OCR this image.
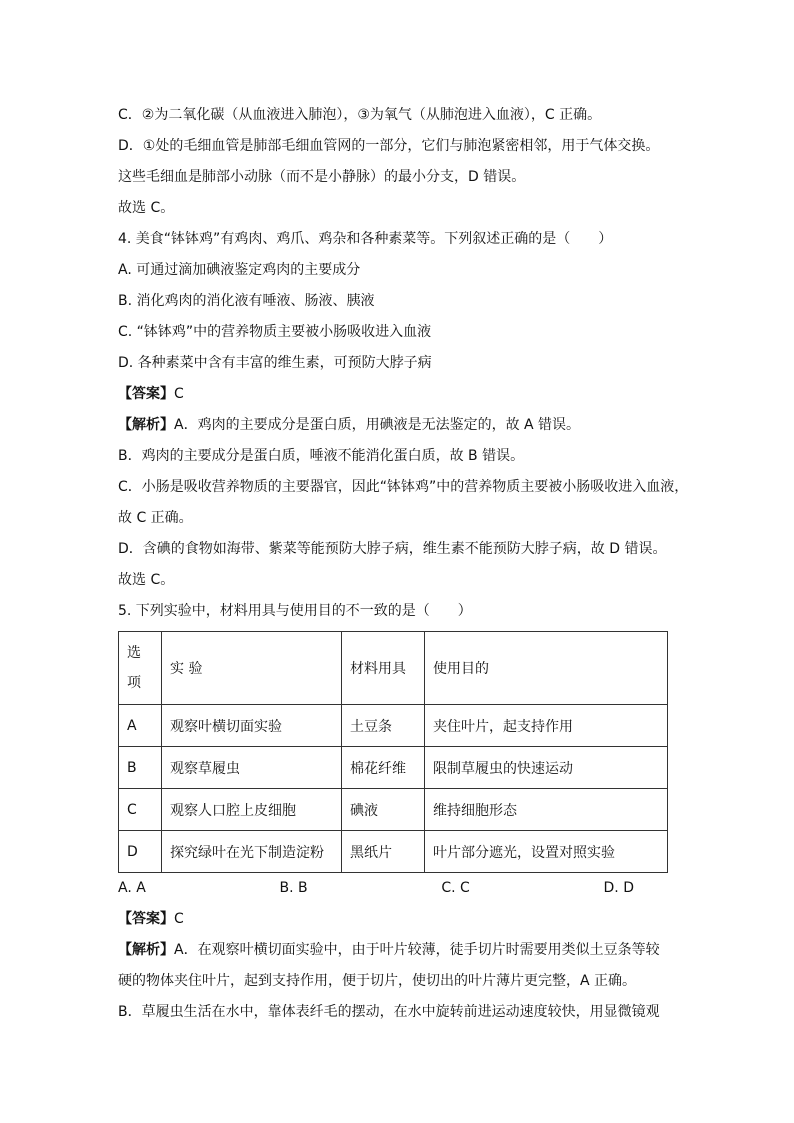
C．②为二氧化碳（从血液进入肺泡），③为氧气（从肺泡进入血液），C 正确。
D．①处的毛细血管是肺部毛细血管网的一部分，它们与肺泡紧密相邻，用于气体交换。
这些毛细血是肺部小动脉（而不是小静脉）的最小分支，D 错误。
故选 C。
4. 美食“钵钵鸡”有鸡肉、鸡爪、鸡杂和各种素菜等。下列叙述正确的是（　　）
A. 可通过滴加碘液鉴定鸡肉的主要成分
B. 消化鸡肉的消化液有唾液、肠液、胰液
C. “钵钵鸡”中的营养物质主要被小肠吸收进入血液
D. 各种素菜中含有丰富的维生素，可预防大脖子病
【答案】C
【解析】A．鸡肉的主要成分是蛋白质，用碘液是无法鉴定的，故 A 错误。
B．鸡肉的主要成分是蛋白质，唾液不能消化蛋白质，故 B 错误。
C．小肠是吸收营养物质的主要器官，因此“钵钵鸡”中的营养物质主要被小肠吸收进入血液，
故 C 正确。
D．含碘的食物如海带、紫菜等能预防大脖子病，维生素不能预防大脖子病，故 D 错误。
故选 C。
5. 下列实验中，材料用具与使用目的不一致的是（　　）
选项	实 验	材料用具	使用目的
A	观察叶横切面实验	土豆条	夹住叶片，起支持作用
B	观察草履虫	棉花纤维	限制草履虫的快速运动
C	观察人口腔上皮细胞	碘液	维持细胞形态
D	探究绿叶在光下制造淀粉	黑纸片	叶片部分遮光，设置对照实验
A. A	B. B	C. C	D. D
【答案】C
【解析】A．在观察叶横切面实验中，由于叶片较薄，徒手切片时需要用类似土豆条等较
硬的物体夹住叶片，起到支持作用，便于切片，使切出的叶片薄片更完整，A 正确。
B．草履虫生活在水中，靠体表纤毛的摆动，在水中旋转前进运动速度较快，用显微镜观
